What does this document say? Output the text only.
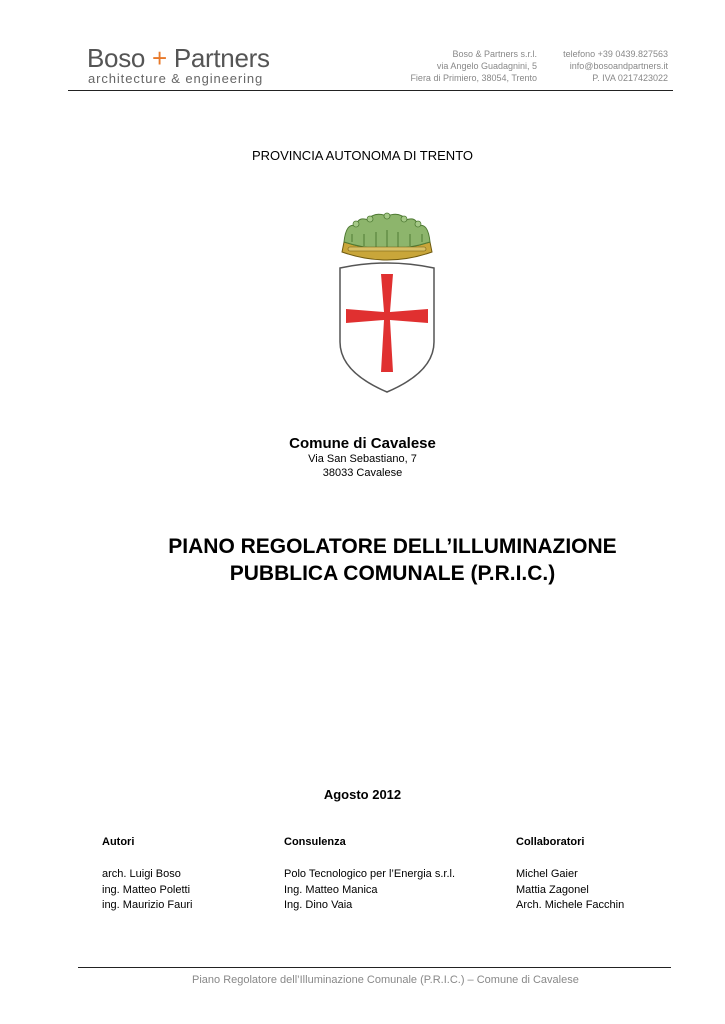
Boso + Partners
architecture & engineering
Boso & Partners s.r.l.
via Angelo Guadagnini, 5
Fiera di Primiero, 38054, Trento
telefono +39 0439.827563
info@bosoandpartners.it
P. IVA 0217423022
PROVINCIA AUTONOMA DI TRENTO
Comune di Cavalese
Via San Sebastiano, 7
38033 Cavalese
PIANO REGOLATORE DELL’ILLUMINAZIONE
PUBBLICA COMUNALE (P.R.I.C.)
Agosto 2012
Autori	Consulenza	Collaboratori
arch. Luigi Boso
ing. Matteo Poletti
ing. Maurizio Fauri
Polo Tecnologico per l’Energia s.r.l.
Ing. Matteo Manica
Ing. Dino Vaia
Michel Gaier
Mattia Zagonel
Arch. Michele Facchin
Piano Regolatore dell’Illuminazione Comunale (P.R.I.C.) – Comune di Cavalese
